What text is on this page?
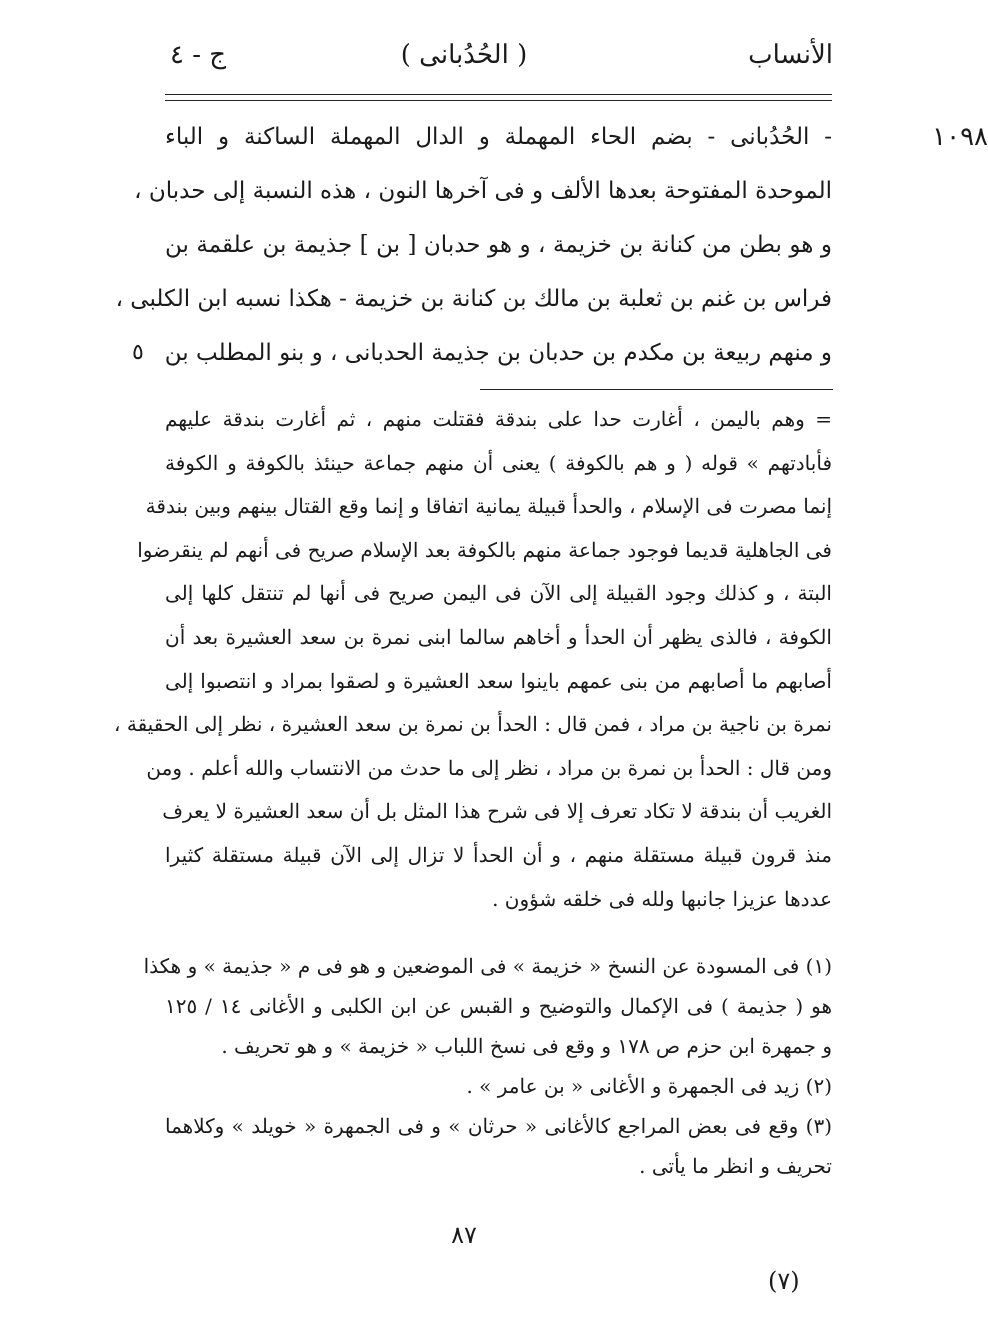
الأنساب
( الحُدُبانى )
ج - ٤
١٠٩٨
٥
- الحُدُبانى - بضم الحاء المهملة و الدال المهملة الساكنة و الباء
الموحدة المفتوحة بعدها الألف و فى آخرها النون ، هذه النسبة إلى حدبان ،
و هو بطن من كنانة بن خزيمة ، و هو حدبان [ بن ] جذيمة بن علقمة بن
فراس بن غنم بن ثعلبة بن مالك بن كنانة بن خزيمة - هكذا نسبه ابن الكلبى ،
و منهم ربيعة بن مكدم بن حدبان بن جذيمة الحدبانى ، و بنو المطلب بن
= وهم باليمن ، أغارت حدا على بندقة فقتلت منهم ، ثم أغارت بندقة عليهم
فأبادتهم » قوله ( و هم بالكوفة ) يعنى أن منهم جماعة حينئذ بالكوفة و الكوفة
إنما مصرت فى الإسلام ، والحدأ قبيلة يمانية اتفاقا و إنما وقع القتال بينهم وبين بندقة
فى الجاهلية قديما فوجود جماعة منهم بالكوفة بعد الإسلام صريح فى أنهم لم ينقرضوا
البتة ، و كذلك وجود القبيلة إلى الآن فى اليمن صريح فى أنها لم تنتقل كلها إلى
الكوفة ، فالذى يظهر أن الحدأ و أخاهم سالما ابنى نمرة بن سعد العشيرة بعد أن
أصابهم ما أصابهم من بنى عمهم باينوا سعد العشيرة و لصقوا بمراد و انتصبوا إلى
نمرة بن ناجية بن مراد ، فمن قال : الحدأ بن نمرة بن سعد العشيرة ، نظر إلى الحقيقة ،
ومن قال : الحدأ بن نمرة بن مراد ، نظر إلى ما حدث من الانتساب والله أعلم . ومن
الغريب أن بندقة لا تكاد تعرف إلا فى شرح هذا المثل بل أن سعد العشيرة لا يعرف
منذ قرون قبيلة مستقلة منهم ، و أن الحدأ لا تزال إلى الآن قبيلة مستقلة كثيرا
عددها عزيزا جانبها ولله فى خلقه شؤون .
(١) فى المسودة عن النسخ « خزيمة » فى الموضعين و هو فى م « جذيمة » و هكذا
هو ( جذيمة ) فى الإكمال والتوضيح و القبس عن ابن الكلبى و الأغانى ١٤ / ١٢٥
و جمهرة ابن حزم ص ١٧٨ و وقع فى نسخ اللباب « خزيمة » و هو تحريف .
(٢) زيد فى الجمهرة و الأغانى « بن عامر » .
(٣) وقع فى بعض المراجع كالأغانى « حرثان » و فى الجمهرة « خويلد » وكلاهما
تحريف و انظر ما يأتى .
٨٧
(٧)
